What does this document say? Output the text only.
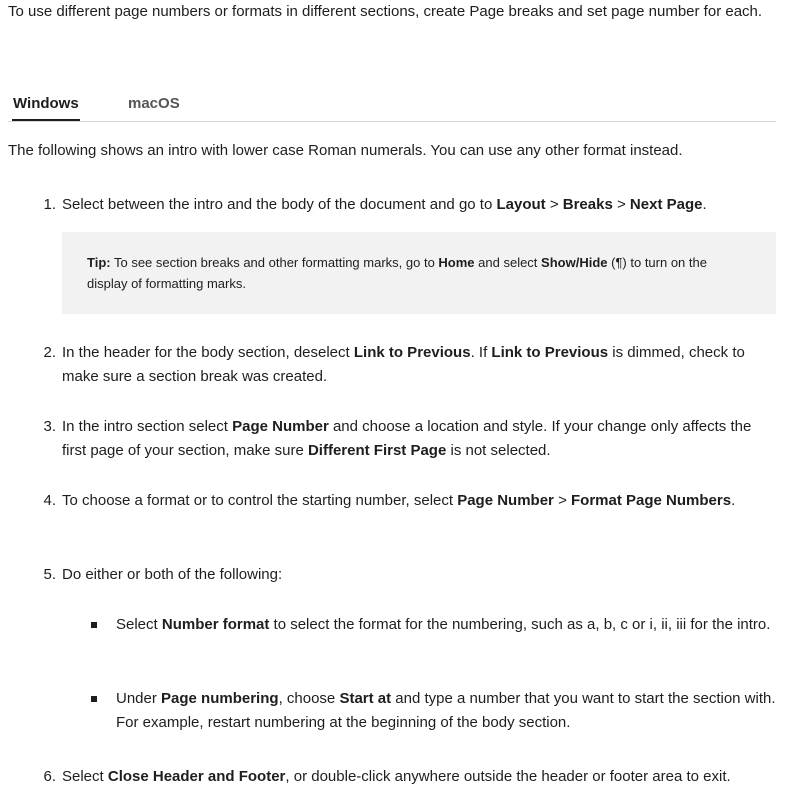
To use different page numbers or formats in different sections, create Page breaks and set page number for each.

Windows	macOS

The following shows an intro with lower case Roman numerals. You can use any other format instead.

1. Select between the intro and the body of the document and go to Layout > Breaks > Next Page.

Tip: To see section breaks and other formatting marks, go to Home and select Show/Hide (¶) to turn on the display of formatting marks.

2. In the header for the body section, deselect Link to Previous. If Link to Previous is dimmed, check to make sure a section break was created.

3. In the intro section select Page Number and choose a location and style. If your change only affects the first page of your section, make sure Different First Page is not selected.

4. To choose a format or to control the starting number, select Page Number > Format Page Numbers.

5. Do either or both of the following:

Select Number format to select the format for the numbering, such as a, b, c or i, ii, iii for the intro.

Under Page numbering, choose Start at and type a number that you want to start the section with. For example, restart numbering at the beginning of the body section.

6. Select Close Header and Footer, or double-click anywhere outside the header or footer area to exit.
